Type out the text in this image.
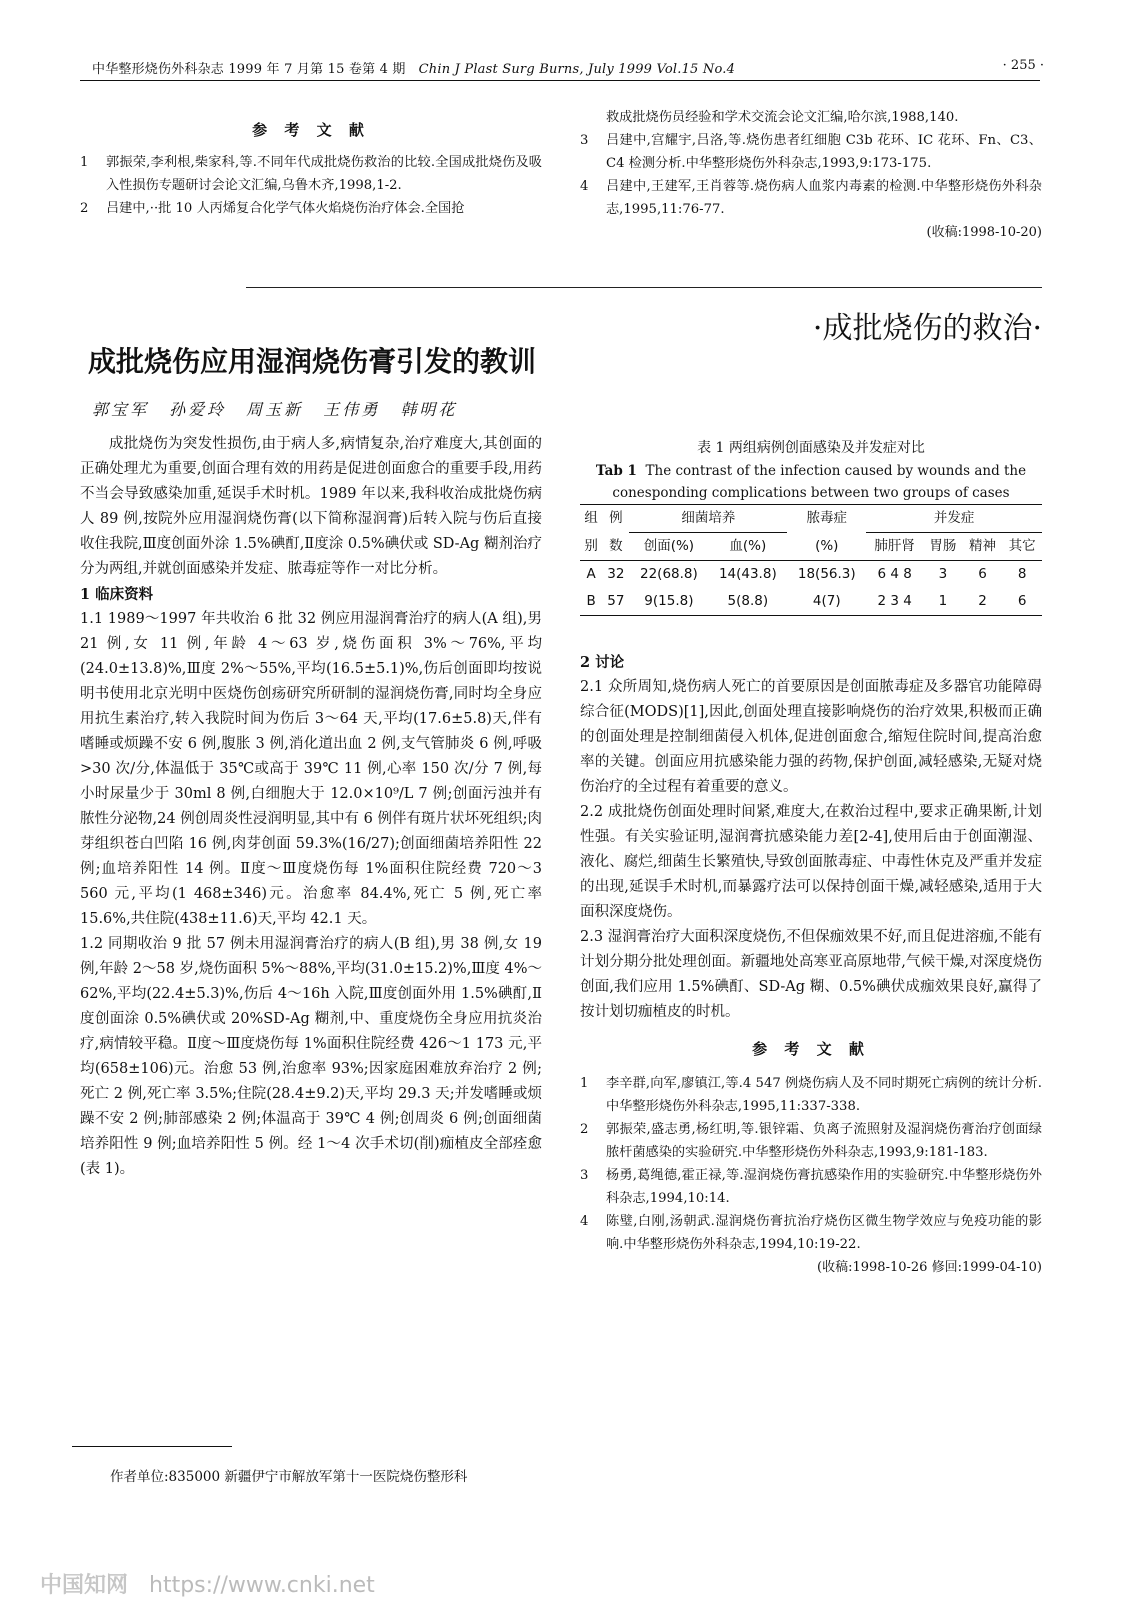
中华整形烧伤外科杂志 1999 年 7 月第 15 卷第 4 期 Chin J Plast Surg Burns, July 1999 Vol.15 No.4	· 255 ·
参 考 文 献
1	郭振荣,李利根,柴家科,等.不同年代成批烧伤救治的比较.全国成批烧伤及吸入性损伤专题研讨会论文汇编,乌鲁木齐,1998,1-2.
2	吕建中,··批 10 人丙烯复合化学气体火焰烧伤治疗体会.全国抢
救成批烧伤员经验和学术交流会论文汇编,哈尔滨,1988,140.
3	吕建中,宫耀宇,吕洛,等.烧伤患者红细胞 C3b 花环、IC 花环、Fn、C3、C4 检测分析.中华整形烧伤外科杂志,1993,9:173-175.
4	吕建中,王建军,王肖蓉等.烧伤病人血浆内毒素的检测.中华整形烧伤外科杂志,1995,11:76-77.
(收稿:1998-10-20)
·成批烧伤的救治·
成批烧伤应用湿润烧伤膏引发的教训
郭宝军 孙爱玲 周玉新 王伟勇 韩明花

成批烧伤为突发性损伤,由于病人多,病情复杂,治疗难度大,其创面的正确处理尤为重要,创面合理有效的用药是促进创面愈合的重要手段,用药不当会导致感染加重,延误手术时机。1989 年以来,我科收治成批烧伤病人 89 例,按院外应用湿润烧伤膏(以下简称湿润膏)后转入院与伤后直接收住我院,Ⅲ度创面外涂 1.5%碘酊,Ⅱ度涂 0.5%碘伏或 SD-Ag 糊剂治疗分为两组,并就创面感染并发症、脓毒症等作一对比分析。

1 临床资料

1.1 1989～1997 年共收治 6 批 32 例应用湿润膏治疗的病人(A 组),男 21 例,女 11 例,年龄 4～63 岁,烧伤面积 3%～76%,平均(24.0±13.8)%,Ⅲ度 2%～55%,平均(16.5±5.1)%,伤后创面即均按说明书使用北京光明中医烧伤创疡研究所研制的湿润烧伤膏,同时均全身应用抗生素治疗,转入我院时间为伤后 3～64 天,平均(17.6±5.8)天,伴有嗜睡或烦躁不安 6 例,腹胀 3 例,消化道出血 2 例,支气管肺炎 6 例,呼吸>30 次/分,体温低于 35℃或高于 39℃ 11 例,心率 150 次/分 7 例,每小时尿量少于 30ml 8 例,白细胞大于 12.0×10⁹/L 7 例;创面污浊并有脓性分泌物,24 例创周炎性浸润明显,其中有 6 例伴有斑片状坏死组织;肉芽组织苍白凹陷 16 例,肉芽创面 59.3%(16/27);创面细菌培养阳性 22 例;血培养阳性 14 例。Ⅱ度～Ⅲ度烧伤每 1%面积住院经费 720～3 560 元,平均(1 468±346)元。治愈率 84.4%,死亡 5 例,死亡率 15.6%,共住院(438±11.6)天,平均 42.1 天。

1.2 同期收治 9 批 57 例未用湿润膏治疗的病人(B 组),男 38 例,女 19 例,年龄 2～58 岁,烧伤面积 5%～88%,平均(31.0±15.2)%,Ⅲ度 4%～62%,平均(22.4±5.3)%,伤后 4～16h 入院,Ⅲ度创面外用 1.5%碘酊,Ⅱ度创面涂 0.5%碘伏或 20%SD-Ag 糊剂,中、重度烧伤全身应用抗炎治疗,病情较平稳。Ⅱ度～Ⅲ度烧伤每 1%面积住院经费 426～1 173 元,平均(658±106)元。治愈 53 例,治愈率 93%;因家庭困难放弃治疗 2 例;死亡 2 例,死亡率 3.5%;住院(28.4±9.2)天,平均 29.3 天;并发嗜睡或烦躁不安 2 例;肺部感染 2 例;体温高于 39℃ 4 例;创周炎 6 例;创面细菌培养阳性 9 例;血培养阳性 5 例。经 1～4 次手术切(削)痂植皮全部痊愈(表 1)。

表 1 两组病例创面感染及并发症对比
Tab 1 The contrast of the infection caused by wounds and the conesponding complications between two groups of cases
组	例	细菌培养		脓毒症	并发症			
别	数	创面(%)	血(%)	(%)	肺肝肾	胃肠	精神	其它
A	32	22(68.8)	14(43.8)	18(56.3)	6 4 8	3	6	8
B	57	9(15.8)	5(8.8)	4(7)	2 3 4	1	2	6

2 讨论

2.1 众所周知,烧伤病人死亡的首要原因是创面脓毒症及多器官功能障碍综合征(MODS)[1],因此,创面处理直接影响烧伤的治疗效果,积极而正确的创面处理是控制细菌侵入机体,促进创面愈合,缩短住院时间,提高治愈率的关键。创面应用抗感染能力强的药物,保护创面,减轻感染,无疑对烧伤治疗的全过程有着重要的意义。

2.2 成批烧伤创面处理时间紧,难度大,在救治过程中,要求正确果断,计划性强。有关实验证明,湿润膏抗感染能力差[2-4],使用后由于创面潮湿、液化、腐烂,细菌生长繁殖快,导致创面脓毒症、中毒性休克及严重并发症的出现,延误手术时机,而暴露疗法可以保持创面干燥,减轻感染,适用于大面积深度烧伤。

2.3 湿润膏治疗大面积深度烧伤,不但保痂效果不好,而且促进溶痂,不能有计划分期分批处理创面。新疆地处高寒亚高原地带,气候干燥,对深度烧伤创面,我们应用 1.5%碘酊、SD-Ag 糊、0.5%碘伏成痂效果良好,赢得了按计划切痂植皮的时机。

参 考 文 献
1	李辛群,向军,廖镇江,等.4 547 例烧伤病人及不同时期死亡病例的统计分析.中华整形烧伤外科杂志,1995,11:337-338.
2	郭振荣,盛志勇,杨红明,等.银锌霜、负离子流照射及湿润烧伤膏治疗创面绿脓杆菌感染的实验研究.中华整形烧伤外科杂志,1993,9:181-183.
3	杨勇,葛绳德,霍正禄,等.湿润烧伤膏抗感染作用的实验研究.中华整形烧伤外科杂志,1994,10:14.
4	陈璧,白刚,汤朝武.湿润烧伤膏抗治疗烧伤区微生物学效应与免疫功能的影响.中华整形烧伤外科杂志,1994,10:19-22.
(收稿:1998-10-26 修回:1999-04-10)
作者单位:835000 新疆伊宁市解放军第十一医院烧伤整形科
中国知网 https://www.cnki.net
